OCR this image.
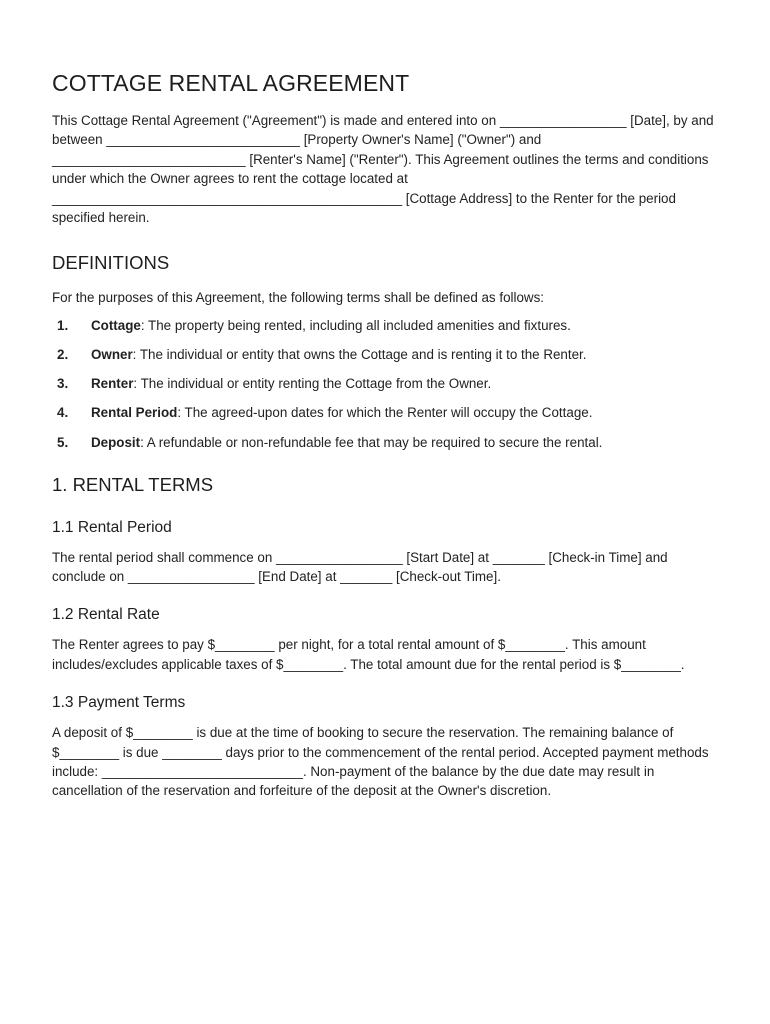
COTTAGE RENTAL AGREEMENT

This Cottage Rental Agreement ("Agreement") is made and entered into on _________________ [Date], by and between __________________________ [Property Owner's Name] ("Owner") and __________________________ [Renter's Name] ("Renter"). This Agreement outlines the terms and conditions under which the Owner agrees to rent the cottage located at _______________________________________________ [Cottage Address] to the Renter for the period specified herein.

DEFINITIONS

For the purposes of this Agreement, the following terms shall be defined as follows:

1.	Cottage: The property being rented, including all included amenities and fixtures.
2.	Owner: The individual or entity that owns the Cottage and is renting it to the Renter.
3.	Renter: The individual or entity renting the Cottage from the Owner.
4.	Rental Period: The agreed-upon dates for which the Renter will occupy the Cottage.
5.	Deposit: A refundable or non-refundable fee that may be required to secure the rental.
1. RENTAL TERMS
1.1 Rental Period

The rental period shall commence on _________________ [Start Date] at _______ [Check-in Time] and conclude on _________________ [End Date] at _______ [Check-out Time].

1.2 Rental Rate

The Renter agrees to pay $________ per night, for a total rental amount of $________. This amount includes/excludes applicable taxes of $________. The total amount due for the rental period is $________.

1.3 Payment Terms

A deposit of $________ is due at the time of booking to secure the reservation. The remaining balance of $________ is due ________ days prior to the commencement of the rental period. Accepted payment methods include: ___________________________. Non-payment of the balance by the due date may result in cancellation of the reservation and forfeiture of the deposit at the Owner's discretion.
